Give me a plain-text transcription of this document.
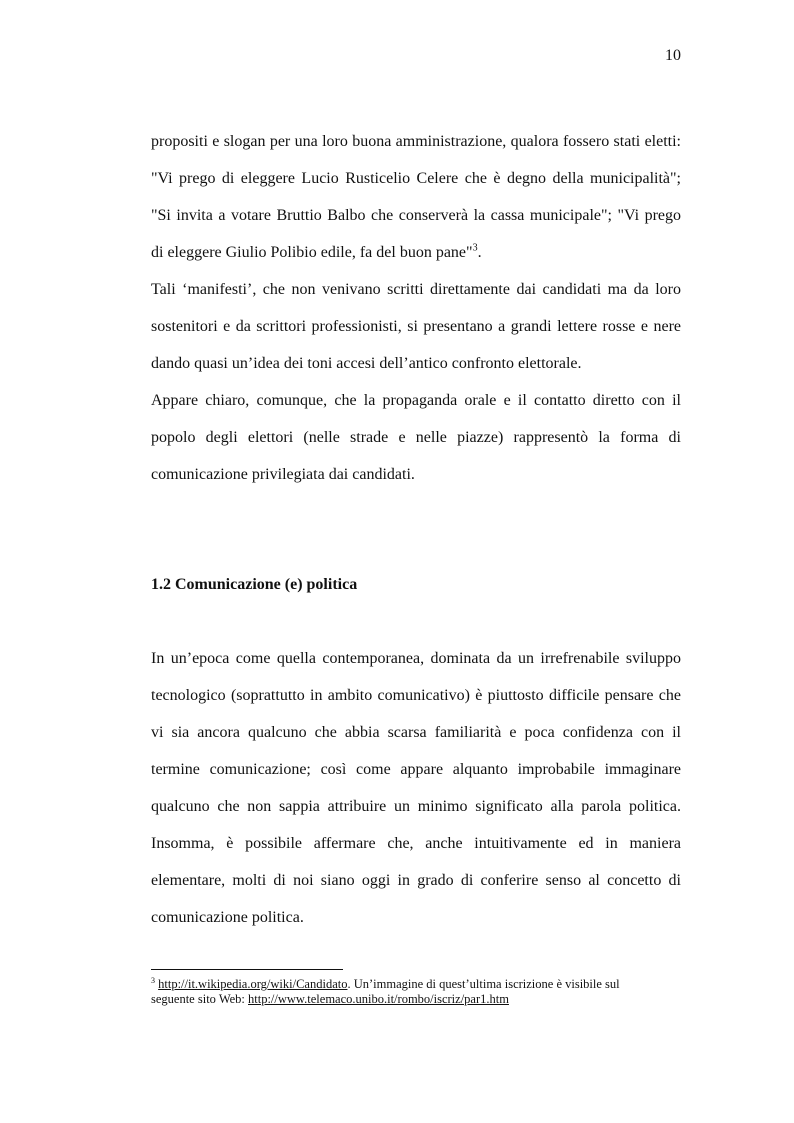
10
propositi e slogan per una loro buona amministrazione, qualora fossero stati eletti:
"Vi prego di eleggere Lucio Rusticelio Celere che è degno della municipalità";
"Si invita a votare Bruttio Balbo che conserverà la cassa municipale"; "Vi prego
di eleggere Giulio Polibio edile, fa del buon pane"$^3$.
Tali ‘manifesti’, che non venivano scritti direttamente dai candidati ma da loro
sostenitori e da scrittori professionisti, si presentano a grandi lettere rosse e nere
dando quasi un’idea dei toni accesi dell’antico confronto elettorale.
Appare chiaro, comunque, che la propaganda orale e il contatto diretto con il
popolo degli elettori (nelle strade e nelle piazze) rappresentò la forma di
comunicazione privilegiata dai candidati.
1.2 Comunicazione (e) politica
In un’epoca come quella contemporanea, dominata da un irrefrenabile sviluppo
tecnologico (soprattutto in ambito comunicativo) è piuttosto difficile pensare che
vi sia ancora qualcuno che abbia scarsa familiarità e poca confidenza con il
termine comunicazione; così come appare alquanto improbabile immaginare
qualcuno che non sappia attribuire un minimo significato alla parola politica.
Insomma, è possibile affermare che, anche intuitivamente ed in maniera
elementare, molti di noi siano oggi in grado di conferire senso al concetto di
comunicazione politica.
$^3$ http://it.wikipedia.org/wiki/Candidato. Un’immagine di quest’ultima iscrizione è visibile sul
seguente sito Web: http://www.telemaco.unibo.it/rombo/iscriz/par1.htm
